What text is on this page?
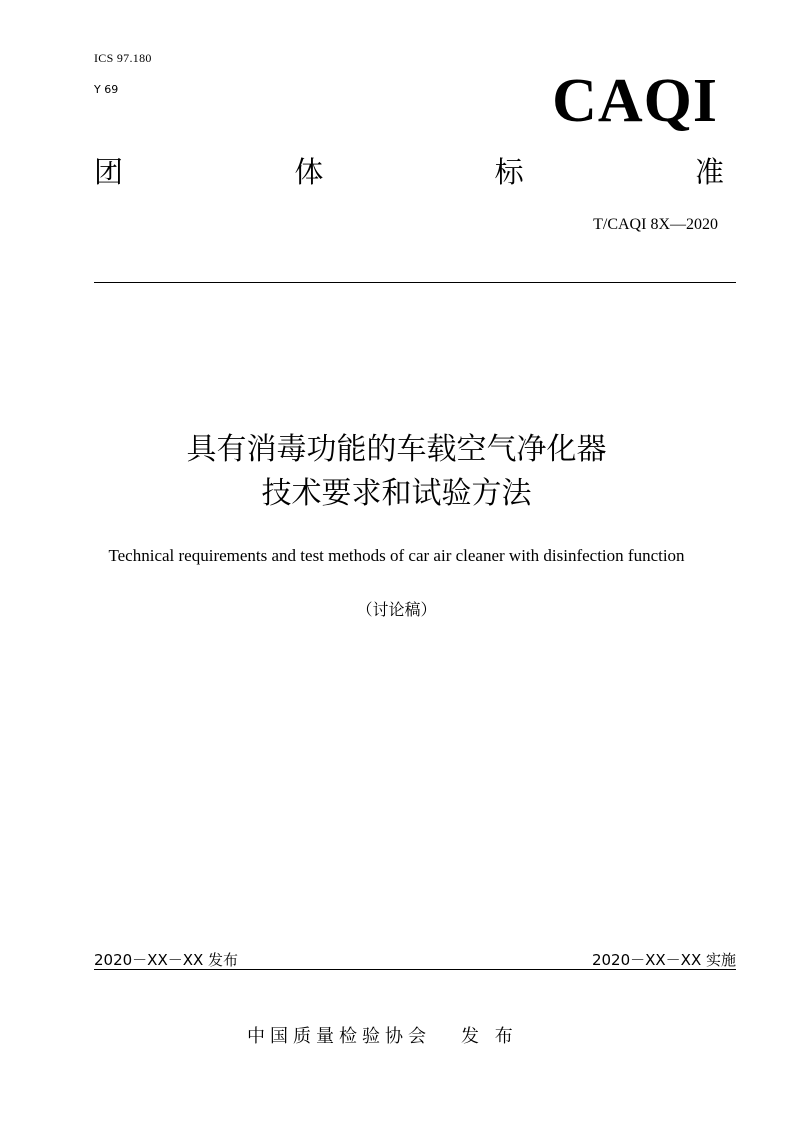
ICS 97.180
Y 69	CAQI
团	体	标	准
T/CAQI 8X—2020
具有消毒功能的车载空气净化器
技术要求和试验方法
Technical requirements and test methods of car air cleaner with disinfection function
（讨论稿）
2020－XX－XX 发布	2020－XX－XX 实施
中国质量检验协会 发 布
